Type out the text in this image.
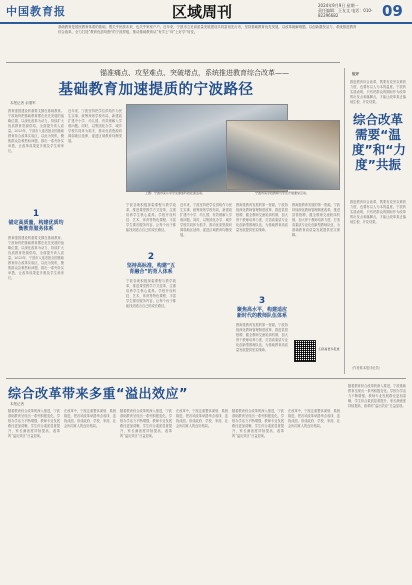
中国教育报	区域周刊	2024年9月9日 星期一
责任编辑：王友文 电话：010-82296682	09
基础教育是国民教育体系的基础，既关乎民族未来，也关乎家家户户。近年来，宁波市立足高质量发展建设共同富裕先行市，坚持基础教育优先发展，以改革破解难题、以创新激发活力，系统推进教育综合改革，全力打造“教育优质均衡”的宁波样板，推动基础教育从“有学上”向“上好学”转变。
锚准痛点、攻坚难点、突破堵点，系统推进教育综合改革——
基础教育加速提质的宁波路径
本报记者 余继军
教育强国建设的重要支撑在基础教育。宁波始终把基础教育摆在优先发展的战略位置，以深化改革为动力，持续扩大优质教育资源供给，全面提升育人质量。2023年，宁波市入选首批全国基础教育综合改革实验区，以此为契机，聚焦群众急难愁盼问题，推出一系列务实举措，让改革成果更多惠及学生和家长。
1
锚定高质量，构建优质均衡教育服务体系
教育强国建设的重要支撑在基础教育。宁波始终把基础教育摆在优先发展的战略位置，以深化改革为动力，持续扩大优质教育资源供给，全面提升育人质量。2023年，宁波市入选首批全国基础教育综合改革实验区，以此为契机，聚焦群众急难愁盼问题，推出一系列务实举措，让改革成果更多惠及学生和家长。
近年来，宁波坚持把学位供给作为民生实事，统筹规划学校布局，新建改扩建中小学、幼儿园，有效缓解入学难问题。同时，以集团化办学、城乡学校共同体为抓手，推动优质资源向薄弱地区延伸，促进区域教育均衡发展。
上图：宁波市某小学学生参加科技社团活动。	宁波市某学校教师与学生开展课堂互动。
宁波各地积极探索课程与教学改革，推进课堂教学方式变革，注重培养学生核心素养。学校开设科技、艺术、体育等特色课程，丰富学生课后服务内容，让每个孩子都能找到适合自己的成长路径。
2
坚持高标准，构建“五育融合”的育人体系
宁波各地积极探索课程与教学改革，推进课堂教学方式变革，注重培养学生核心素养。学校开设科技、艺术、体育等特色课程，丰富学生课后服务内容，让每个孩子都能找到适合自己的成长路径。
近年来，宁波坚持把学位供给作为民生实事，统筹规划学校布局，新建改扩建中小学、幼儿园，有效缓解入学难问题。同时，以集团化办学、城乡学校共同体为抓手，推动优质资源向薄弱地区延伸，促进区域教育均衡发展。
教师是教育发展的第一资源。宁波持续深化教师管理制度改革，推进县管校聘，健全教师交流轮岗机制，加大骨干教师培养力度，打造高素质专业化创新型教师队伍，为基础教育高质量发展提供坚实保障。
3
聚焦高水平，构建适应新时代的教师队伍体系
教师是教育发展的第一资源。宁波持续深化教师管理制度改革，推进县管校聘，健全教师交流轮岗机制，加大骨干教师培养力度，打造高素质专业化创新型教师队伍，为基础教育高质量发展提供坚实保障。
教师是教育发展的第一资源。宁波持续深化教师管理制度改革，推进县管校聘，健全教师交流轮岗机制，加大骨干教师培养力度，打造高素质专业化创新型教师队伍，为基础教育高质量发展提供坚实保障。
扫码看更多报道
短评
推进教育综合改革，既要有攻坚克难的力度，也要有以人为本的温度。宁波的实践表明，只有把群众的期盼作为改革的出发点和落脚点，才能让改革真正落地生根、开花结果。
综合改革需要“温度”和“力度”共振
推进教育综合改革，既要有攻坚克难的力度，也要有以人为本的温度。宁波的实践表明，只有把群众的期盼作为改革的出发点和落脚点，才能让改革真正落地生根、开花结果。
（作者系本报评论员）
综合改革带来多重“溢出效应”
本报记者
随着教育综合改革的深入推进，宁波基础教育呈现出一系列积极变化。学校办学活力不断增强，教师专业发展路径更加清晰，学生综合素质显著提升，家长满意度持续提高，改革的“溢出效应”日益显现。
在改革中，宁波注重整体谋划、系统推进，把各项改革举措串点成线、连线成面，形成政府、学校、家庭、社会协同育人的良好格局。
随着教育综合改革的深入推进，宁波基础教育呈现出一系列积极变化。学校办学活力不断增强，教师专业发展路径更加清晰，学生综合素质显著提升，家长满意度持续提高，改革的“溢出效应”日益显现。
在改革中，宁波注重整体谋划、系统推进，把各项改革举措串点成线、连线成面，形成政府、学校、家庭、社会协同育人的良好格局。
随着教育综合改革的深入推进，宁波基础教育呈现出一系列积极变化。学校办学活力不断增强，教师专业发展路径更加清晰，学生综合素质显著提升，家长满意度持续提高，改革的“溢出效应”日益显现。
在改革中，宁波注重整体谋划、系统推进，把各项改革举措串点成线、连线成面，形成政府、学校、家庭、社会协同育人的良好格局。
随着教育综合改革的深入推进，宁波基础教育呈现出一系列积极变化。学校办学活力不断增强，教师专业发展路径更加清晰，学生综合素质显著提升，家长满意度持续提高，改革的“溢出效应”日益显现。
